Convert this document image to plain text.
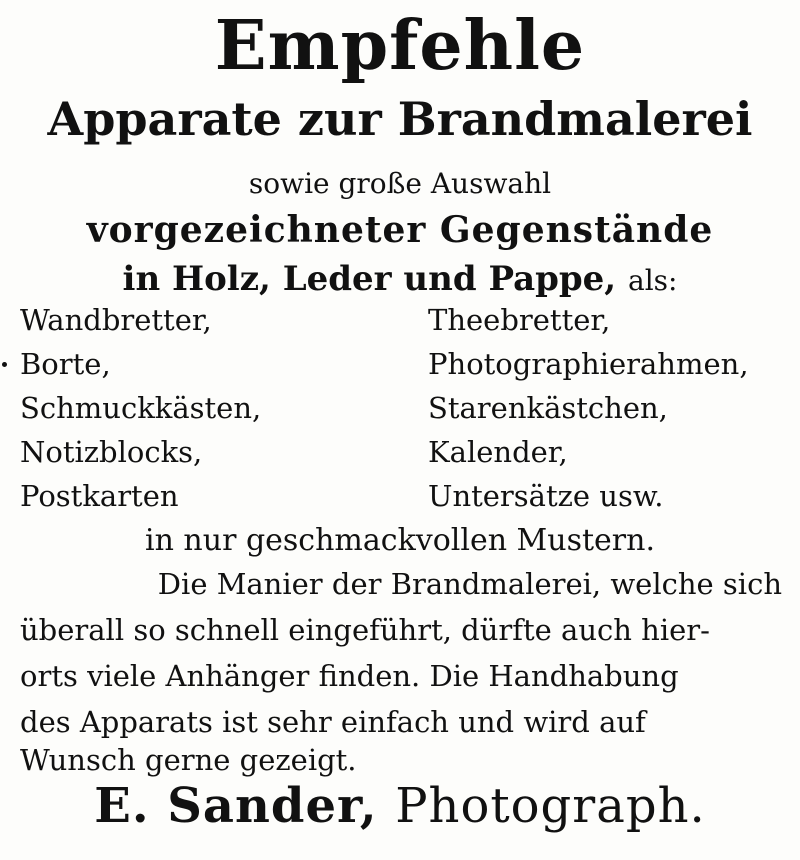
Empfehle
Apparate zur Brandmalerei
sowie große Auswahl
vorgezeichneter Gegenstände
in Holz, Leder und Pappe, als:
Wandbretter,
Borte,
Schmuckkästen,
Notizblocks,
Postkarten
Theebretter,
Photographierahmen,
Starenkästchen,
Kalender,
Untersätze usw.
in nur geschmackvollen Mustern.
Die Manier der Brandmalerei, welche sich
überall so schnell eingeführt, dürfte auch hier-
orts viele Anhänger finden. Die Handhabung
des Apparats ist sehr einfach und wird auf
Wunsch gerne gezeigt.
E. Sander, Photograph.
